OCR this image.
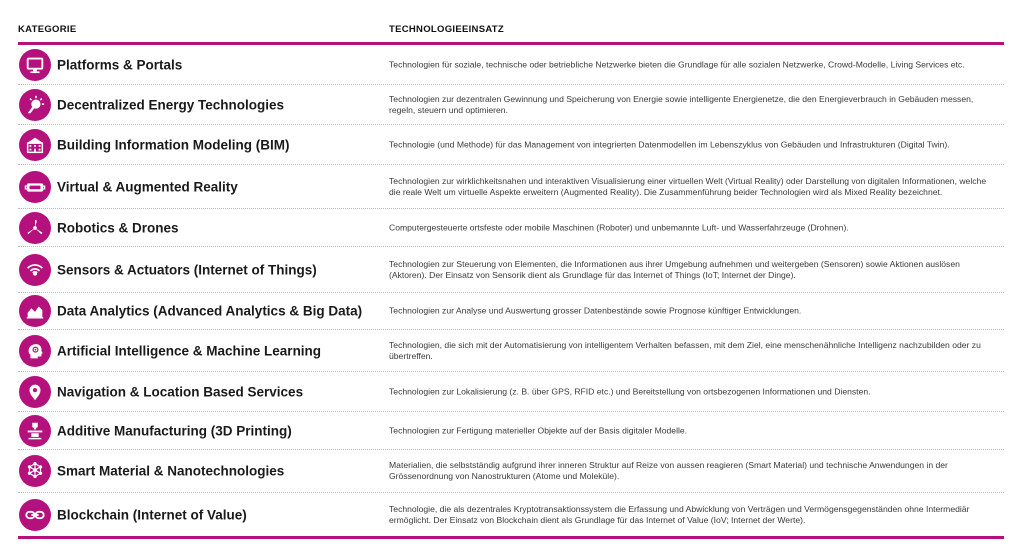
KATEGORIE	TECHNOLOGIEEINSATZ
Platforms & Portals	Technologien für soziale, technische oder betriebliche Netzwerke bieten die Grundlage für alle sozialen Netzwerke, Crowd-Modelle, Living Services etc.
Decentralized Energy Technologies	Technologien zur dezentralen Gewinnung und Speicherung von Energie sowie intelligente Energienetze, die den Energieverbrauch in Gebäuden messen, regeln, steuern und optimieren.
Building Information Modeling (BIM)	Technologie (und Methode) für das Management von integrierten Datenmodellen im Lebenszyklus von Gebäuden und Infrastrukturen (Digital Twin).
Virtual & Augmented Reality	Technologien zur wirklichkeitsnahen und interaktiven Visualisierung einer virtuellen Welt (Virtual Reality) oder Darstellung von digitalen Informationen, welche die reale Welt um virtuelle Aspekte erweitern (Augmented Reality). Die Zusammenführung beider Technologien wird als Mixed Reality bezeichnet.
Robotics & Drones	Computergesteuerte ortsfeste oder mobile Maschinen (Roboter) und unbemannte Luft- und Wasserfahrzeuge (Drohnen).
Sensors & Actuators (Internet of Things)	Technologien zur Steuerung von Elementen, die Informationen aus ihrer Umgebung aufnehmen und weitergeben (Sensoren) sowie Aktionen auslösen (Aktoren). Der Einsatz von Sensorik dient als Grundlage für das Internet of Things (IoT; Internet der Dinge).
Data Analytics (Advanced Analytics & Big Data)	Technologien zur Analyse und Auswertung grosser Datenbestände sowie Prognose künftiger Entwicklungen.
Artificial Intelligence & Machine Learning	Technologien, die sich mit der Automatisierung von intelligentem Verhalten befassen, mit dem Ziel, eine menschenähnliche Intelligenz nachzubilden oder zu übertreffen.
Navigation & Location Based Services	Technologien zur Lokalisierung (z. B. über GPS, RFID etc.) und Bereitstellung von ortsbezogenen Informationen und Diensten.
Additive Manufacturing (3D Printing)	Technologien zur Fertigung materieller Objekte auf der Basis digitaler Modelle.
Smart Material & Nanotechnologies	Materialien, die selbstständig aufgrund ihrer inneren Struktur auf Reize von aussen reagieren (Smart Material) und technische Anwendungen in der Grössenordnung von Nanostrukturen (Atome und Moleküle).
Blockchain (Internet of Value)	Technologie, die als dezentrales Kryptotransaktionssystem die Erfassung und Abwicklung von Verträgen und Vermögensgegenständen ohne Intermediär ermöglicht. Der Einsatz von Blockchain dient als Grundlage für das Internet of Value (IoV; Internet der Werte).
